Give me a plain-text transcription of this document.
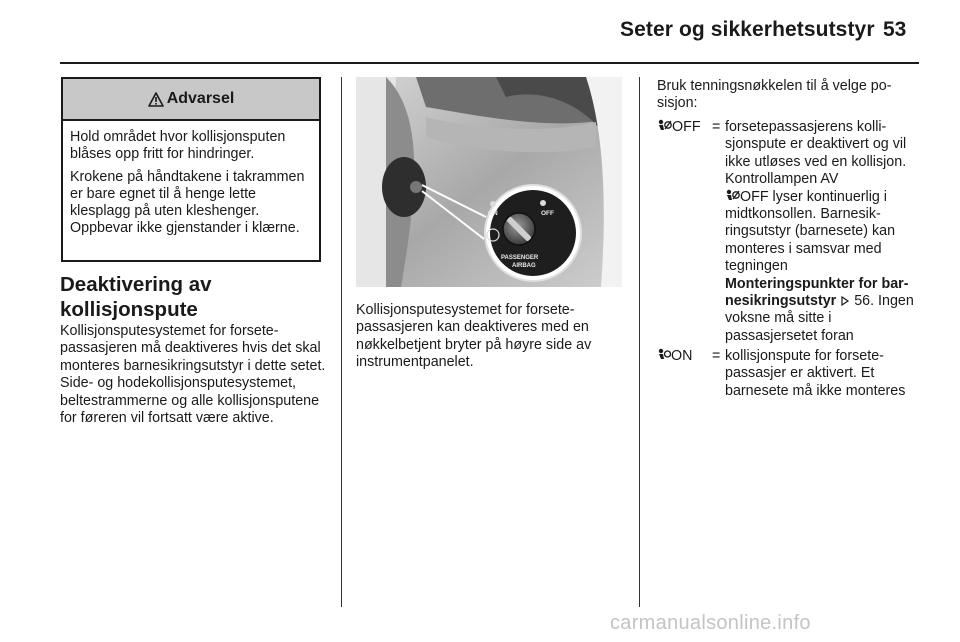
Seter og sikkerhetsutstyr 53
Advarsel

Hold området hvor kollisjonsputen blåses opp fritt for hindringer.

Krokene på håndtakene i takrammen er bare egnet til å henge lette klesplagg på uten kleshenger. Oppbevar ikke gjenstander i klærne.

Deaktivering av kollisjonspute
Kollisjonsputesystemet for forsetepassasjeren må deaktiveres hvis det skal monteres barnesikringsutstyr i dette setet. Side- og hodekollisjonsputesystemet, beltestrammerne og alle kollisjonsputene for føreren vil fortsatt være aktive.
ON	OFF
PASSENGER
AIRBAG
Kollisjonsputesystemet for forsetepassasjeren kan deaktiveres med en nøkkelbetjent bryter på høyre side av instrumentpanelet.
Bruk tenningsnøkkelen til å velge posisjon:
OFF = forsetepassasjerens kollisjonspute er deaktivert og vil ikke utløses ved en kollisjon. Kontrollampen AV
OFF lyser kontinuerlig i midtkonsollen. Barnesikringsutstyr (barnesete) kan monteres i samsvar med tegningen
Monteringspunkter for barnesikringsutstyr 56. Ingen voksne må sitte i passasjersetet foran
ON = kollisjonspute for forsetepassasjer er aktivert. Et barnesete må ikke monteres
carmanualsonline.info
